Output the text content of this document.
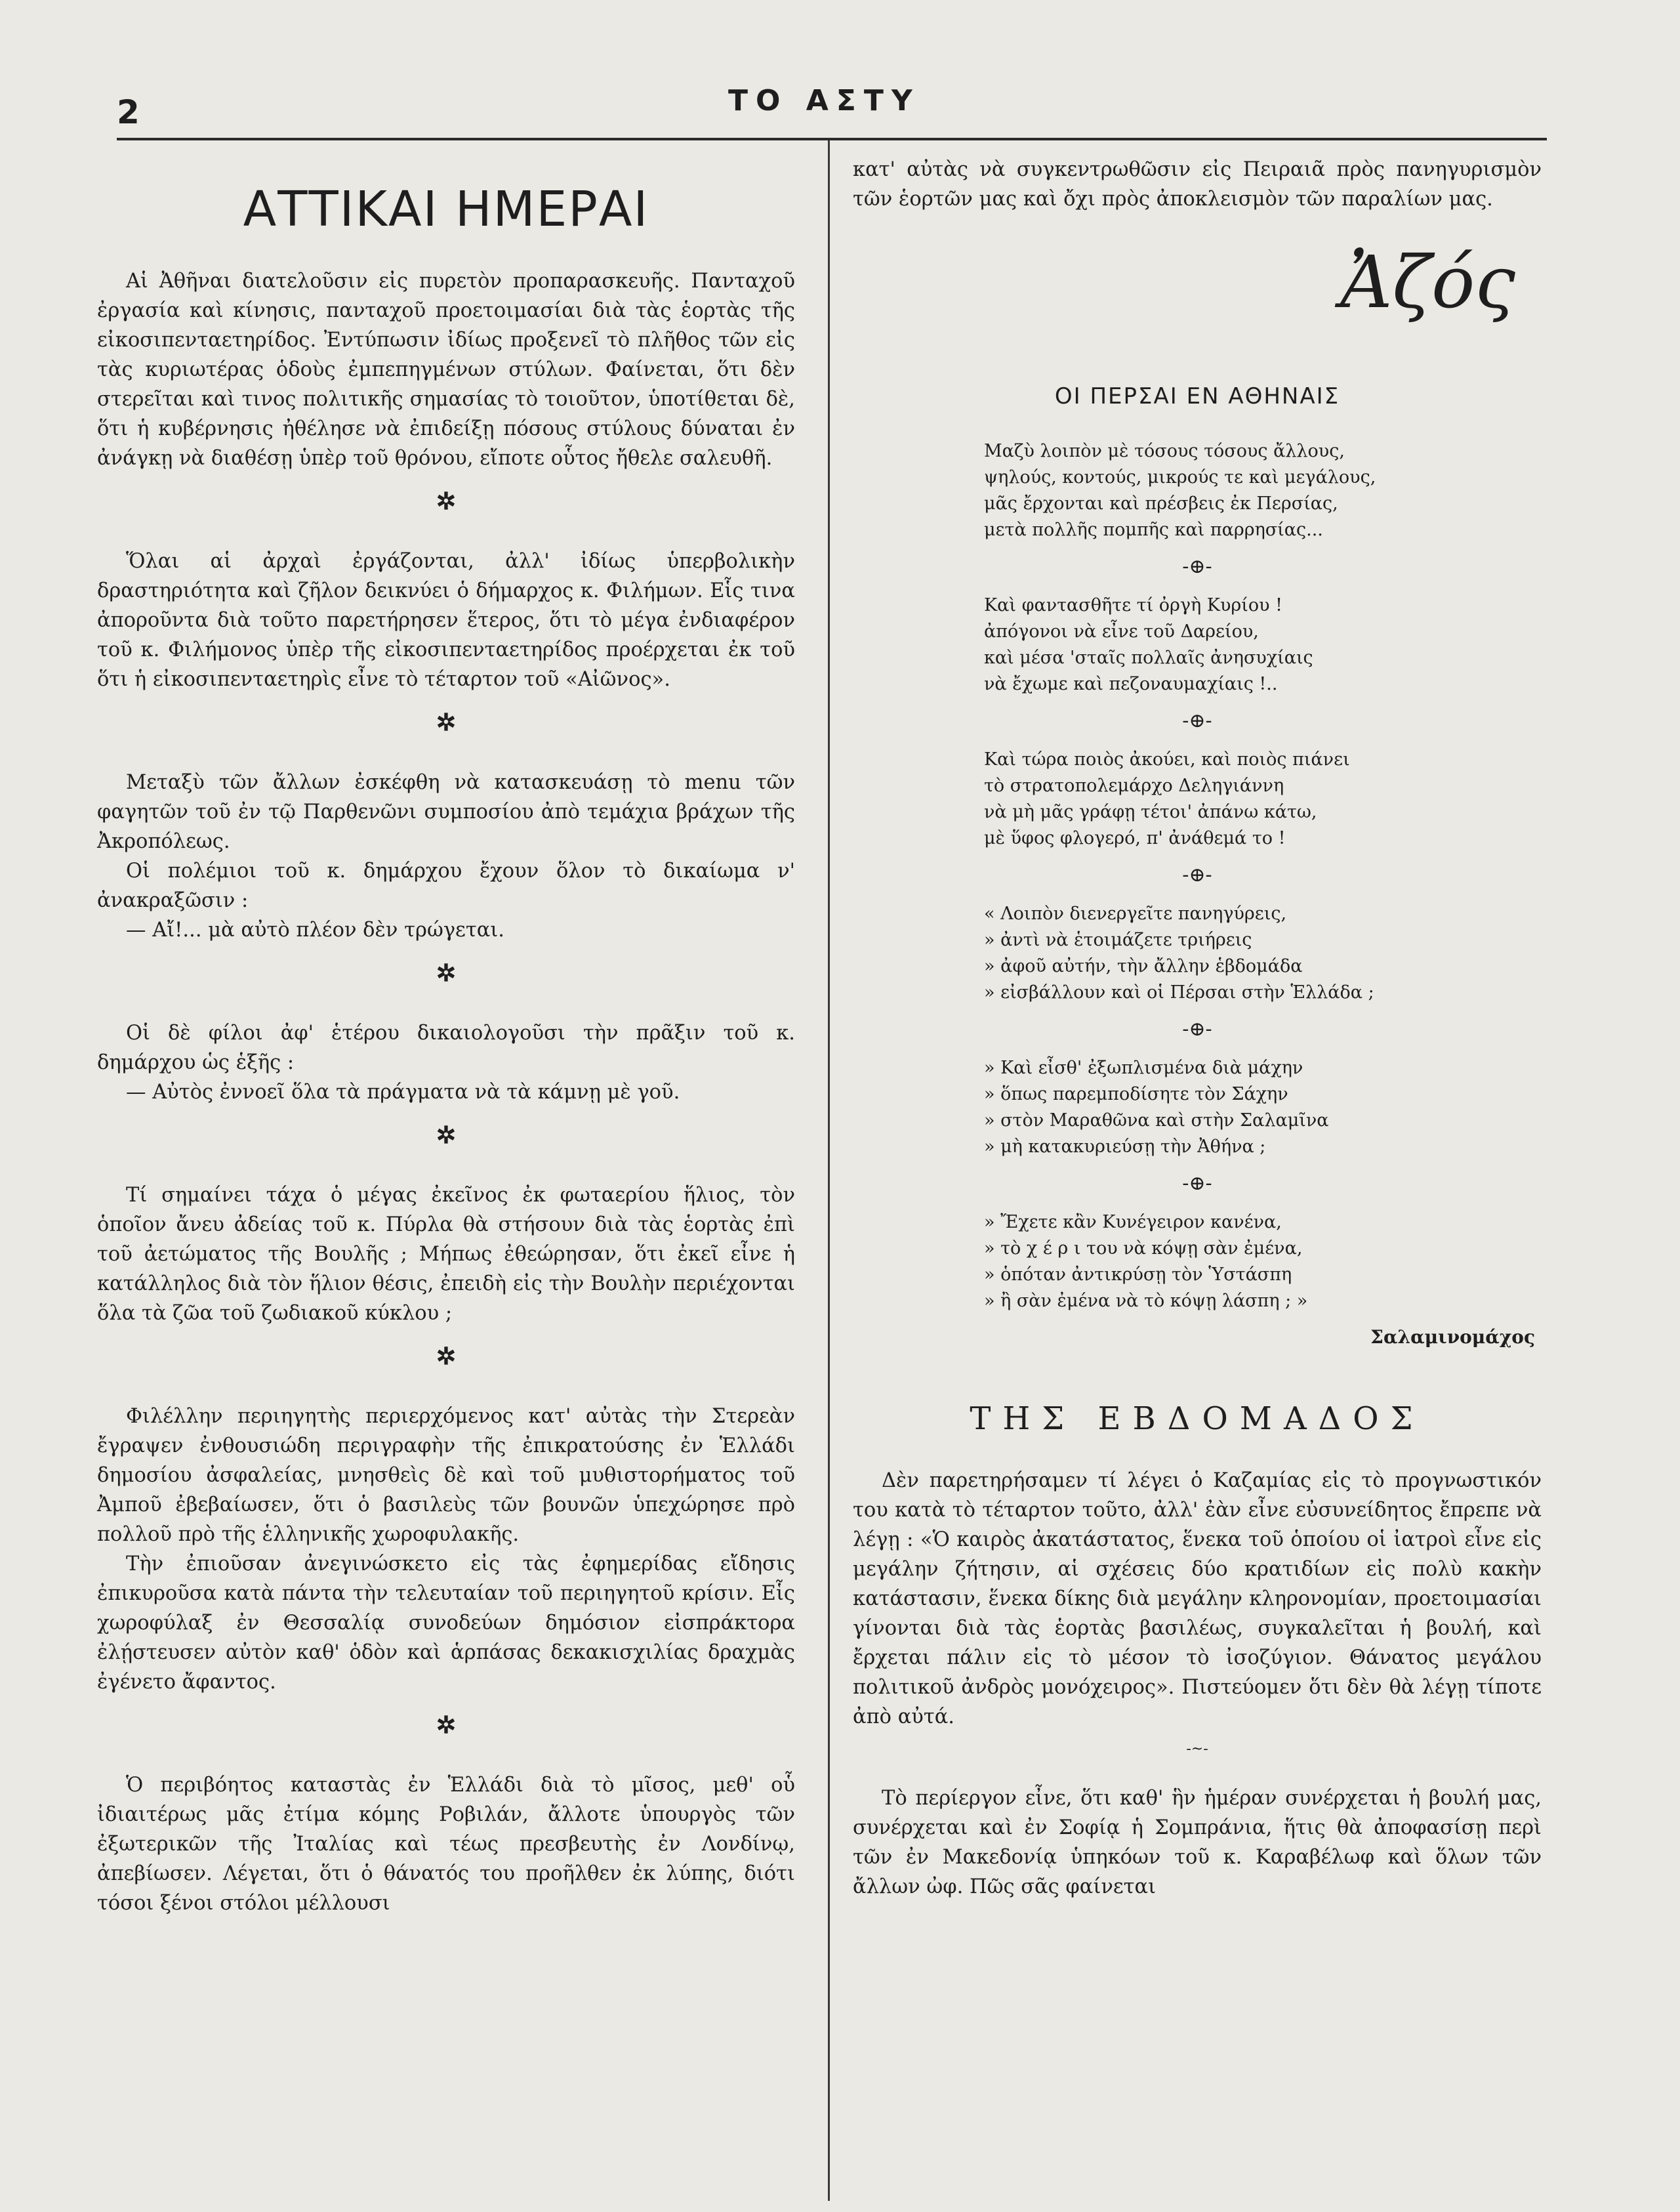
2	ΤΟ ΑΣΤΥ
ΑΤΤΙΚΑΙ ΗΜΕΡΑΙ

Αἱ Ἀθῆναι διατελοῦσιν εἰς πυρετὸν προπαρασκευῆς. Πανταχοῦ ἐργασία καὶ κίνησις, πανταχοῦ προετοιμασίαι διὰ τὰς ἑορτὰς τῆς εἰκοσιπενταετηρίδος. Ἐντύπωσιν ἰδίως προξενεῖ τὸ πλῆθος τῶν εἰς τὰς κυριωτέρας ὁδοὺς ἐμπεπηγμένων στύλων. Φαίνεται, ὅτι δὲν στερεῖται καὶ τινος πολιτικῆς σημασίας τὸ τοιοῦτον, ὑποτίθεται δὲ, ὅτι ἡ κυβέρνησις ἠθέλησε νὰ ἐπιδείξῃ πόσους στύλους δύναται ἐν ἀνάγκῃ νὰ διαθέσῃ ὑπὲρ τοῦ θρόνου, εἴποτε οὗτος ἤθελε σαλευθῆ.

✲

Ὅλαι αἱ ἀρχαὶ ἐργάζονται, ἀλλ' ἰδίως ὑπερβολικὴν δραστηριότητα καὶ ζῆλον δεικνύει ὁ δήμαρχος κ. Φιλήμων. Εἷς τινα ἀποροῦντα διὰ τοῦτο παρετήρησεν ἕτερος, ὅτι τὸ μέγα ἐνδιαφέρον τοῦ κ. Φιλήμονος ὑπὲρ τῆς εἰκοσιπενταετηρίδος προέρχεται ἐκ τοῦ ὅτι ἡ εἰκοσιπενταετηρὶς εἶνε τὸ τέταρτον τοῦ «Αἰῶνος».

✲

Μεταξὺ τῶν ἄλλων ἐσκέφθη νὰ κατασκευάσῃ τὸ menu τῶν φαγητῶν τοῦ ἐν τῷ Παρθενῶνι συμποσίου ἀπὸ τεμάχια βράχων τῆς Ἀκροπόλεως.

Οἱ πολέμιοι τοῦ κ. δημάρχου ἔχουν ὅλον τὸ δικαίωμα ν' ἀνακραξῶσιν :

— Αἴ!... μὰ αὐτὸ πλέον δὲν τρώγεται.

✲

Οἱ δὲ φίλοι ἀφ' ἑτέρου δικαιολογοῦσι τὴν πρᾶξιν τοῦ κ. δημάρχου ὡς ἑξῆς :

— Αὐτὸς ἐννοεῖ ὅλα τὰ πράγματα νὰ τὰ κάμνῃ μὲ γοῦ.

✲

Τί σημαίνει τάχα ὁ μέγας ἐκεῖνος ἐκ φωταερίου ἥλιος, τὸν ὁποῖον ἄνευ ἀδείας τοῦ κ. Πύρλα θὰ στήσουν διὰ τὰς ἑορτὰς ἐπὶ τοῦ ἀετώματος τῆς Βουλῆς ; Μήπως ἐθεώρησαν, ὅτι ἐκεῖ εἶνε ἡ κατάλληλος διὰ τὸν ἥλιον θέσις, ἐπειδὴ εἰς τὴν Βουλὴν περιέχονται ὅλα τὰ ζῶα τοῦ ζωδιακοῦ κύκλου ;

✲

Φιλέλλην περιηγητὴς περιερχόμενος κατ' αὐτὰς τὴν Στερεὰν ἔγραψεν ἐνθουσιώδη περιγραφὴν τῆς ἐπικρατούσης ἐν Ἑλλάδι δημοσίου ἀσφαλείας, μνησθεὶς δὲ καὶ τοῦ μυθιστορήματος τοῦ Ἀμποῦ ἐβεβαίωσεν, ὅτι ὁ βασιλεὺς τῶν βουνῶν ὑπεχώρησε πρὸ πολλοῦ πρὸ τῆς ἑλληνικῆς χωροφυλακῆς.

Τὴν ἐπιοῦσαν ἀνεγινώσκετο εἰς τὰς ἐφημερίδας εἴδησις ἐπικυροῦσα κατὰ πάντα τὴν τελευταίαν τοῦ περιηγητοῦ κρίσιν. Εἷς χωροφύλαξ ἐν Θεσσαλίᾳ συνοδεύων δημόσιον εἰσπράκτορα ἐλῄστευσεν αὐτὸν καθ' ὁδὸν καὶ ἁρπάσας δεκακισχιλίας δραχμὰς ἐγένετο ἄφαντος.

✲

Ὁ περιβόητος καταστὰς ἐν Ἑλλάδι διὰ τὸ μῖσος, μεθ' οὗ ἰδιαιτέρως μᾶς ἐτίμα κόμης Ροβιλάν, ἄλλοτε ὑπουργὸς τῶν ἐξωτερικῶν τῆς Ἰταλίας καὶ τέως πρεσβευτὴς ἐν Λονδίνῳ, ἀπεβίωσεν. Λέγεται, ὅτι ὁ θάνατός του προῆλθεν ἐκ λύπης, διότι τόσοι ξένοι στόλοι μέλλουσι

κατ' αὐτὰς νὰ συγκεντρωθῶσιν εἰς Πειραιᾶ πρὸς πανηγυρισμὸν τῶν ἑορτῶν μας καὶ ὄχι πρὸς ἀποκλεισμὸν τῶν παραλίων μας.

Ἀζός
ΟΙ ΠΕΡΣΑΙ ΕΝ ΑΘΗΝΑΙΣ
Μαζὺ λοιπὸν μὲ τόσους τόσους ἄλλους,
ψηλούς, κοντούς, μικρούς τε καὶ μεγάλους,
μᾶς ἔρχονται καὶ πρέσβεις ἐκ Περσίας,
μετὰ πολλῆς πομπῆς καὶ παρρησίας...
-⊕-
Καὶ φαντασθῆτε τί ὀργὴ Κυρίου !
ἀπόγονοι νὰ εἶνε τοῦ Δαρείου,
καὶ μέσα 'σταῖς πολλαῖς ἀνησυχίαις
νὰ ἔχωμε καὶ πεζοναυμαχίαις !..
-⊕-
Καὶ τώρα ποιὸς ἀκούει, καὶ ποιὸς πιάνει
τὸ στρατοπολεμάρχο Δεληγιάννη
νὰ μὴ μᾶς γράφῃ τέτοι' ἀπάνω κάτω,
μὲ ὕφος φλογερό, π' ἀνάθεμά το !
-⊕-
« Λοιπὸν διενεργεῖτε πανηγύρεις,
» ἀντὶ νὰ ἑτοιμάζετε τριήρεις
» ἀφοῦ αὐτήν, τὴν ἄλλην ἑβδομάδα
» εἰσβάλλουν καὶ οἱ Πέρσαι στὴν Ἑλλάδα ;
-⊕-
» Καὶ εἶσθ' ἐξωπλισμένα διὰ μάχην
» ὅπως παρεμποδίσητε τὸν Σάχην
» στὸν Μαραθῶνα καὶ στὴν Σαλαμῖνα
» μὴ κατακυριεύσῃ τὴν Ἀθήνα ;
-⊕-
» Ἔχετε κἂν Κυνέγειρον κανένα,
» τὸ χ έ ρ ι του νὰ κόψῃ σὰν ἐμένα,
» ὁπόταν ἀντικρύσῃ τὸν Ὑστάσπη
» ἢ σὰν ἐμένα νὰ τὸ κόψῃ λάσπη ; »
Σαλαμινομάχος
ΤΗΣ ΕΒΔΟΜΑΔΟΣ

Δὲν παρετηρήσαμεν τί λέγει ὁ Καζαμίας εἰς τὸ προγνωστικόν του κατὰ τὸ τέταρτον τοῦτο, ἀλλ' ἐὰν εἶνε εὐσυνείδητος ἔπρεπε νὰ λέγῃ : «Ὁ καιρὸς ἀκατάστατος, ἕνεκα τοῦ ὁποίου οἱ ἰατροὶ εἶνε εἰς μεγάλην ζήτησιν, αἱ σχέσεις δύο κρατιδίων εἰς πολὺ κακὴν κατάστασιν, ἕνεκα δίκης διὰ μεγάλην κληρονομίαν, προετοιμασίαι γίνονται διὰ τὰς ἑορτὰς βασιλέως, συγκαλεῖται ἡ βουλή, καὶ ἔρχεται πάλιν εἰς τὸ μέσον τὸ ἰσοζύγιον. Θάνατος μεγάλου πολιτικοῦ ἀνδρὸς μονόχειρος». Πιστεύομεν ὅτι δὲν θὰ λέγῃ τίποτε ἀπὸ αὐτά.

-~-

Τὸ περίεργον εἶνε, ὅτι καθ' ἣν ἡμέραν συνέρχεται ἡ βουλή μας, συνέρχεται καὶ ἐν Σοφίᾳ ἡ Σομπράνια, ἥτις θὰ ἀποφασίσῃ περὶ τῶν ἐν Μακεδονίᾳ ὑπηκόων τοῦ κ. Καραβέλωφ καὶ ὅλων τῶν ἄλλων ὠφ. Πῶς σᾶς φαίνεται
